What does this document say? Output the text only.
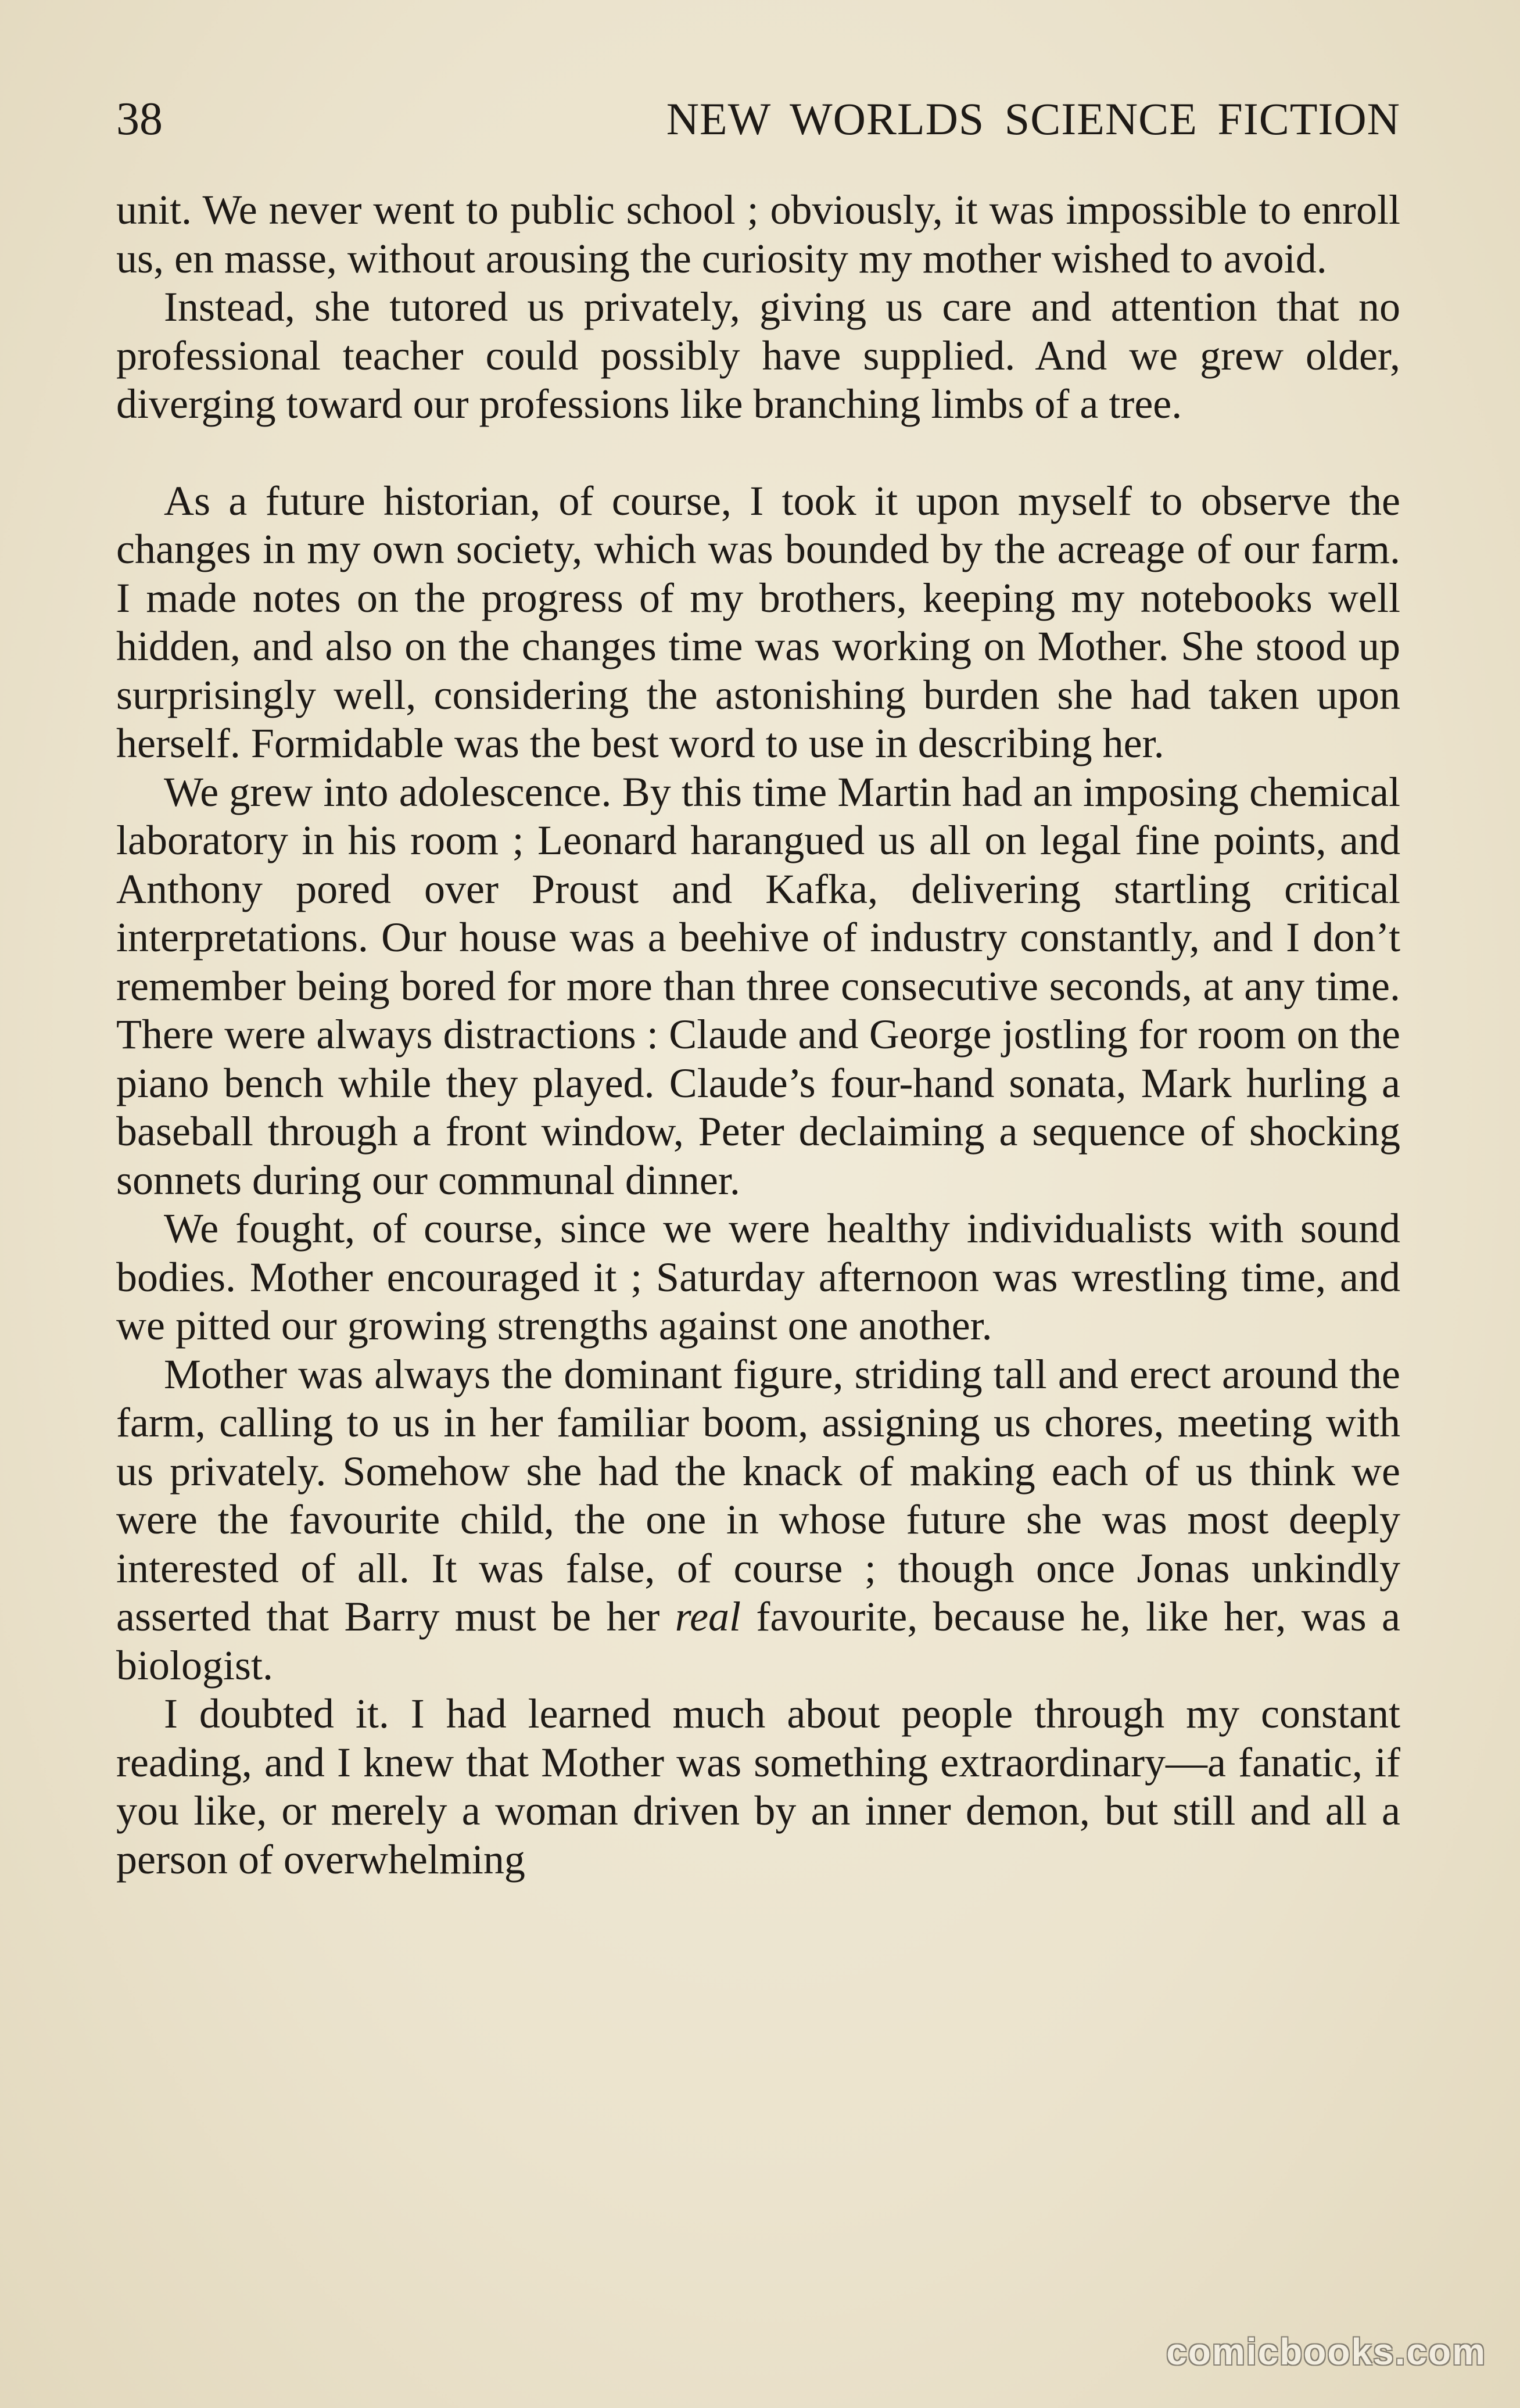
38	NEW WORLDS SCIENCE FICTION

unit. We never went to public school ; obviously, it was impossible to enroll us, en masse, without arousing the curiosity my mother wished to avoid.

Instead, she tutored us privately, giving us care and attention that no professional teacher could possibly have supplied. And we grew older, diverging toward our professions like branching limbs of a tree.

As a future historian, of course, I took it upon myself to observe the changes in my own society, which was bounded by the acreage of our farm. I made notes on the progress of my brothers, keeping my notebooks well hidden, and also on the changes time was working on Mother. She stood up surprisingly well, considering the astonishing burden she had taken upon herself. Formidable was the best word to use in describing her.

We grew into adolescence. By this time Martin had an imposing chemical laboratory in his room ; Leonard harangued us all on legal fine points, and Anthony pored over Proust and Kafka, delivering startling critical interpretations. Our house was a beehive of industry constantly, and I don’t remember being bored for more than three consecutive seconds, at any time. There were always distractions : Claude and George jostling for room on the piano bench while they played. Claude’s four-hand sonata, Mark hurling a baseball through a front window, Peter declaiming a sequence of shocking sonnets during our communal dinner.

We fought, of course, since we were healthy individualists with sound bodies. Mother encouraged it ; Saturday afternoon was wrestling time, and we pitted our growing strengths against one another.

Mother was always the dominant figure, striding tall and erect around the farm, calling to us in her familiar boom, assigning us chores, meeting with us privately. Somehow she had the knack of making each of us think we were the favourite child, the one in whose future she was most deeply interested of all. It was false, of course ; though once Jonas unkindly asserted that Barry must be her real favourite, because he, like her, was a biologist.

I doubted it. I had learned much about people through my constant reading, and I knew that Mother was something extraordinary—a fanatic, if you like, or merely a woman driven by an inner demon, but still and all a person of overwhelming

comicbooks.com
